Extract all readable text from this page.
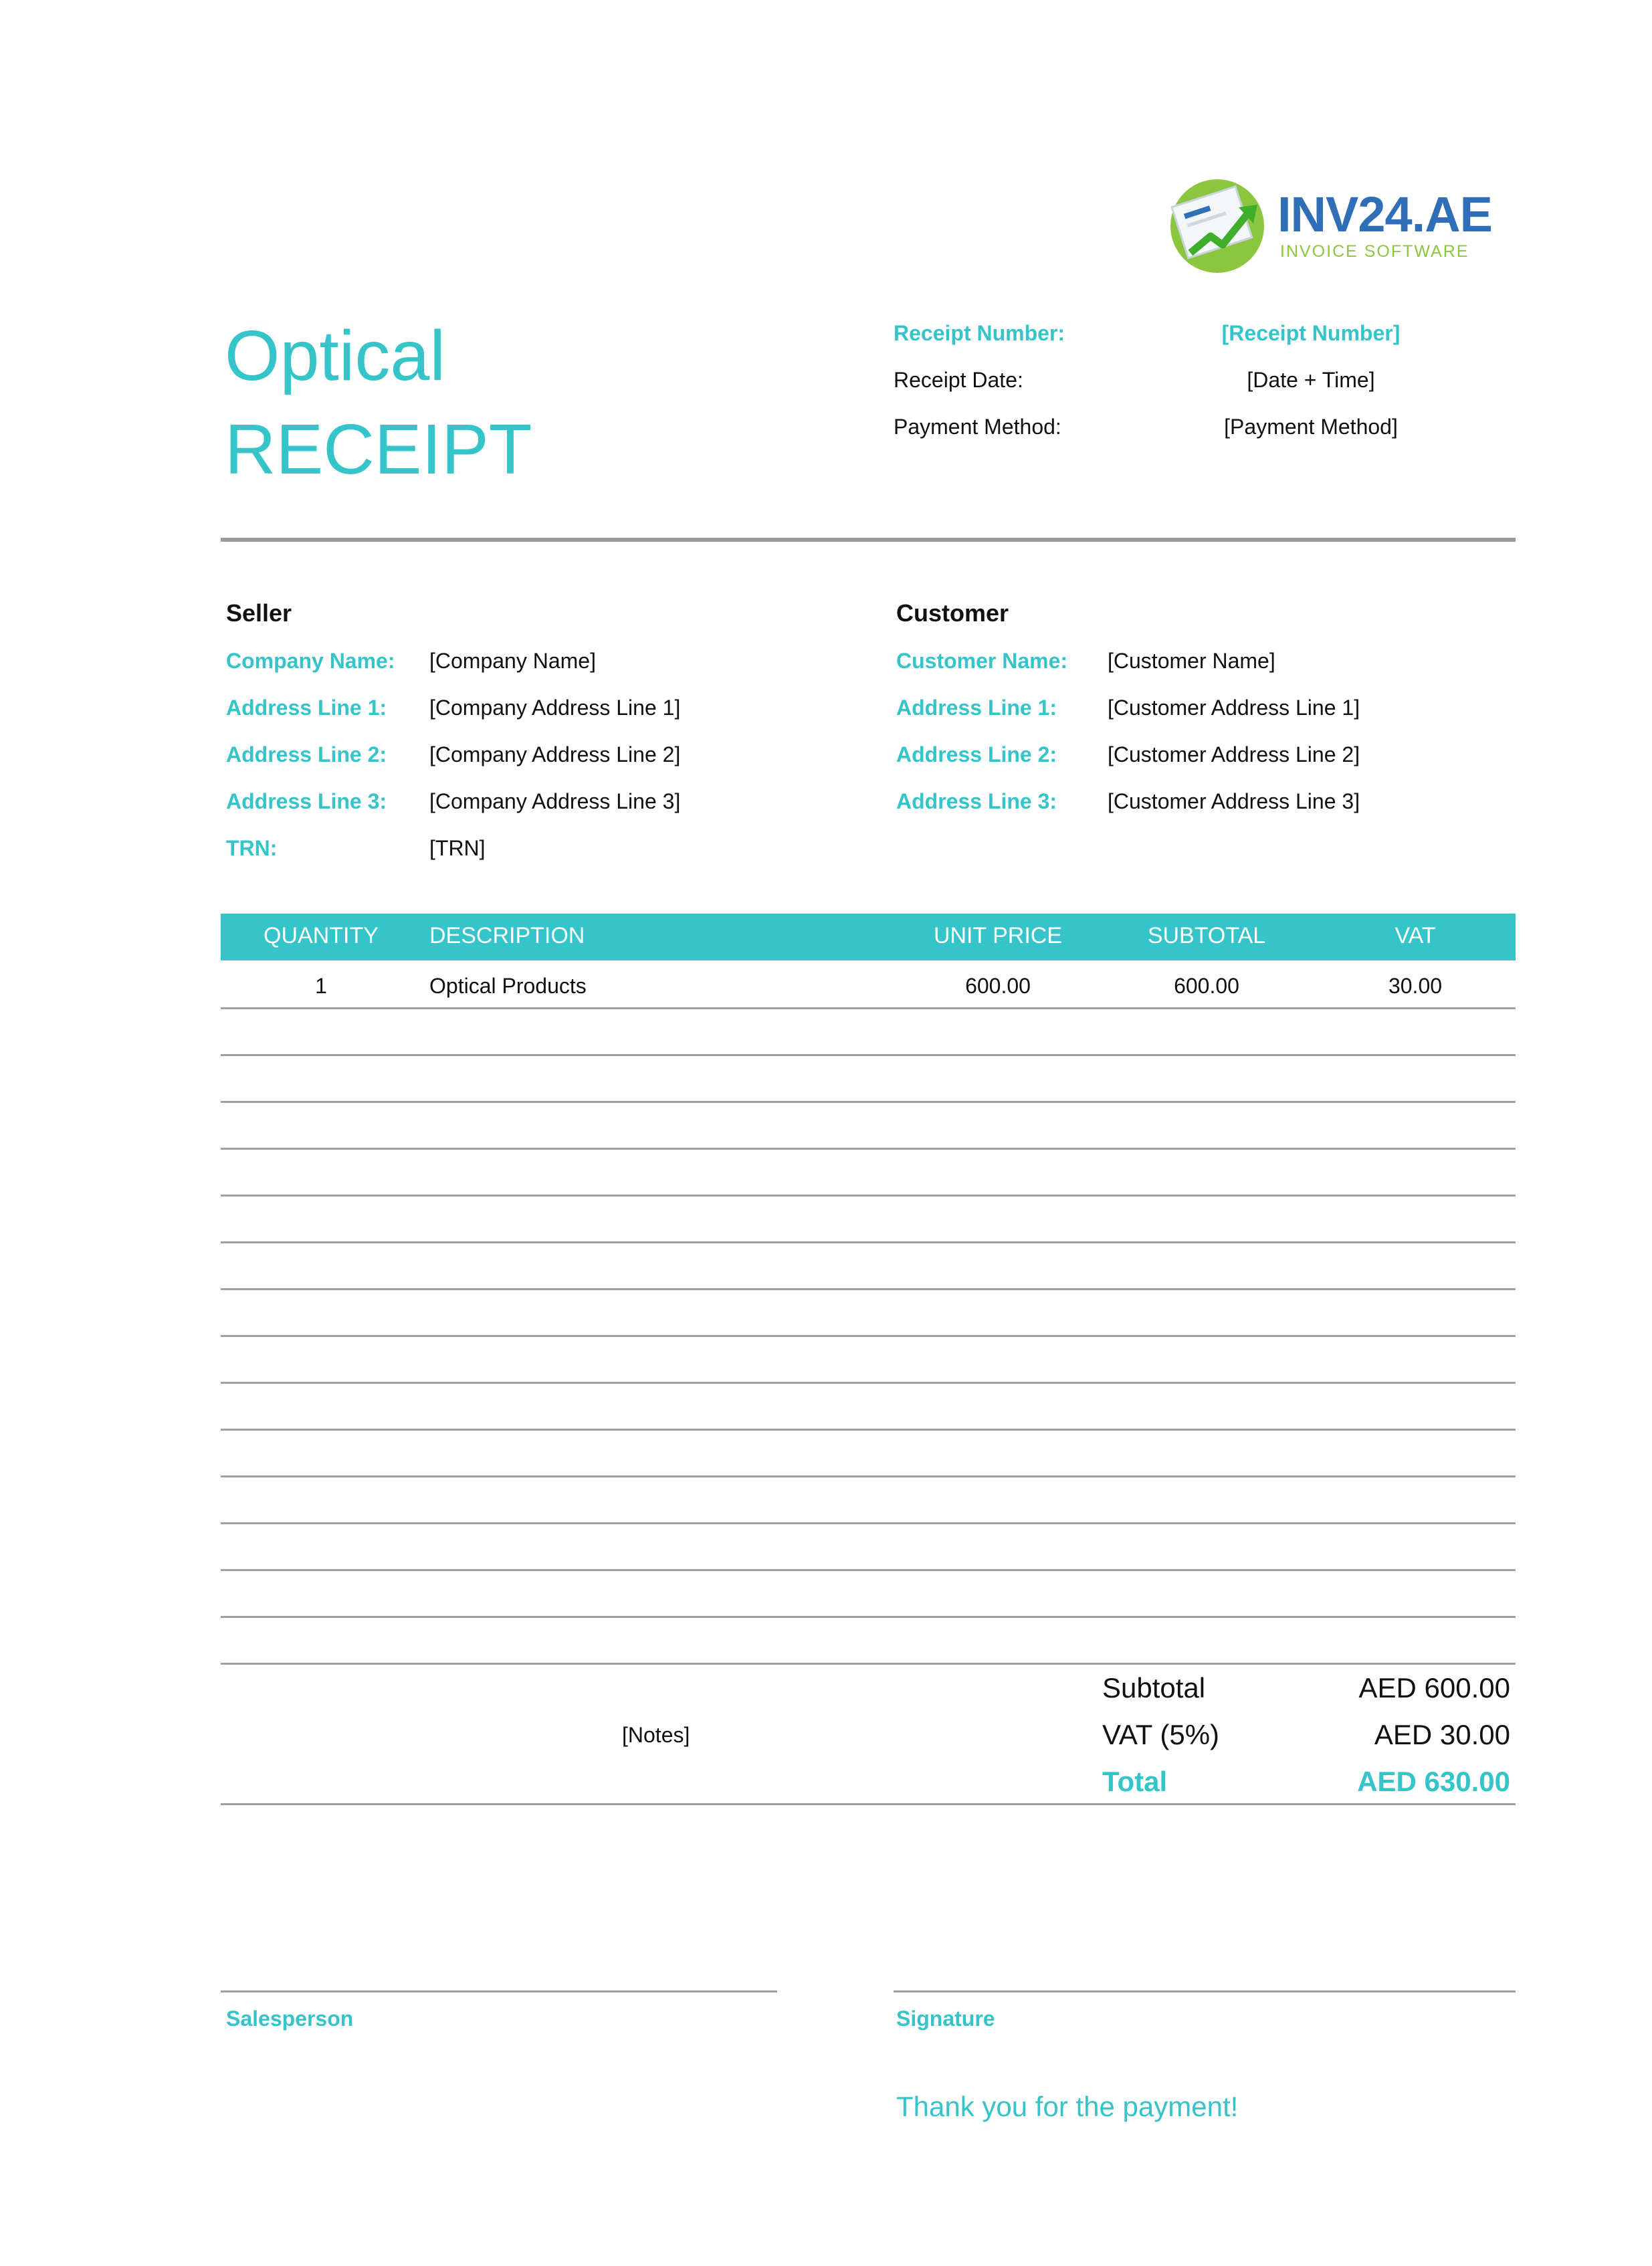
INV24.AE
INVOICE SOFTWARE
Optical
RECEIPT
Receipt Number:	[Receipt Number]
Receipt Date:	[Date + Time]
Payment Method:	[Payment Method]
Seller
Company Name: [Company Name]
Address Line 1: [Company Address Line 1]
Address Line 2: [Company Address Line 2]
Address Line 3: [Company Address Line 3]
TRN:	[TRN]
Customer
Customer Name: [Customer Name]
Address Line 1: [Customer Address Line 1]
Address Line 2: [Customer Address Line 2]
Address Line 3: [Customer Address Line 3]
QUANTITY	DESCRIPTION	UNIT PRICE	SUBTOTAL	VAT
1	Optical Products	600.00	600.00	30.00
[Notes]
Subtotal	AED 600.00
VAT (5%)	AED 30.00
Total	AED 630.00
Salesperson	Signature
Thank you for the payment!
